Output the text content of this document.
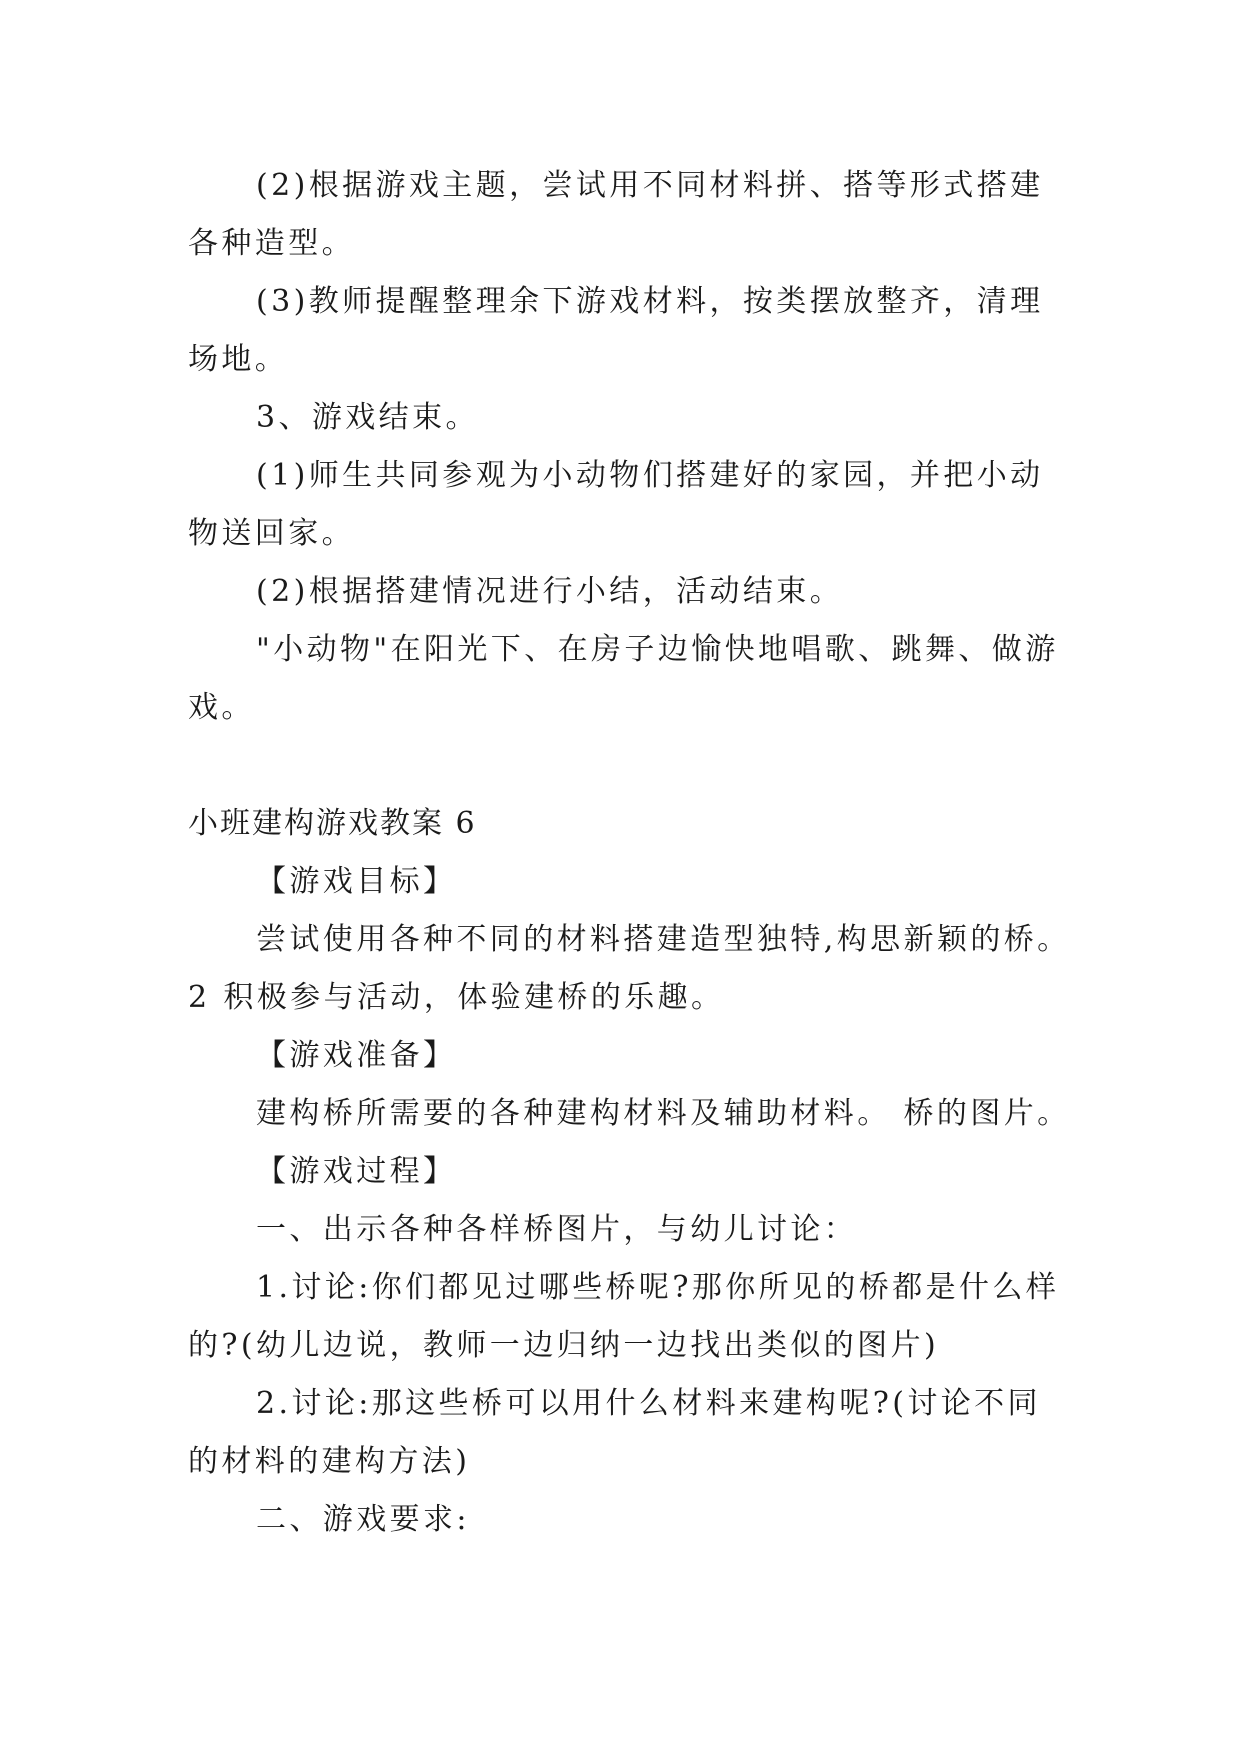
(2)根据游戏主题，尝试用不同材料拼、搭等形式搭建
各种造型。
(3)教师提醒整理余下游戏材料，按类摆放整齐，清理
场地。
3、游戏结束。
(1)师生共同参观为小动物们搭建好的家园，并把小动
物送回家。
(2)根据搭建情况进行小结，活动结束。
"小动物"在阳光下、在房子边愉快地唱歌、跳舞、做游
戏。
小班建构游戏教案 6
【游戏目标】
尝试使用各种不同的材料搭建造型独特,构思新颖的桥。
2 积极参与活动，体验建桥的乐趣。
【游戏准备】
建构桥所需要的各种建构材料及辅助材料。 桥的图片。
【游戏过程】
一、出示各种各样桥图片，与幼儿讨论：
1.讨论:你们都见过哪些桥呢?那你所见的桥都是什么样
的?(幼儿边说，教师一边归纳一边找出类似的图片)
2.讨论:那这些桥可以用什么材料来建构呢?(讨论不同
的材料的建构方法)
二、游戏要求:
